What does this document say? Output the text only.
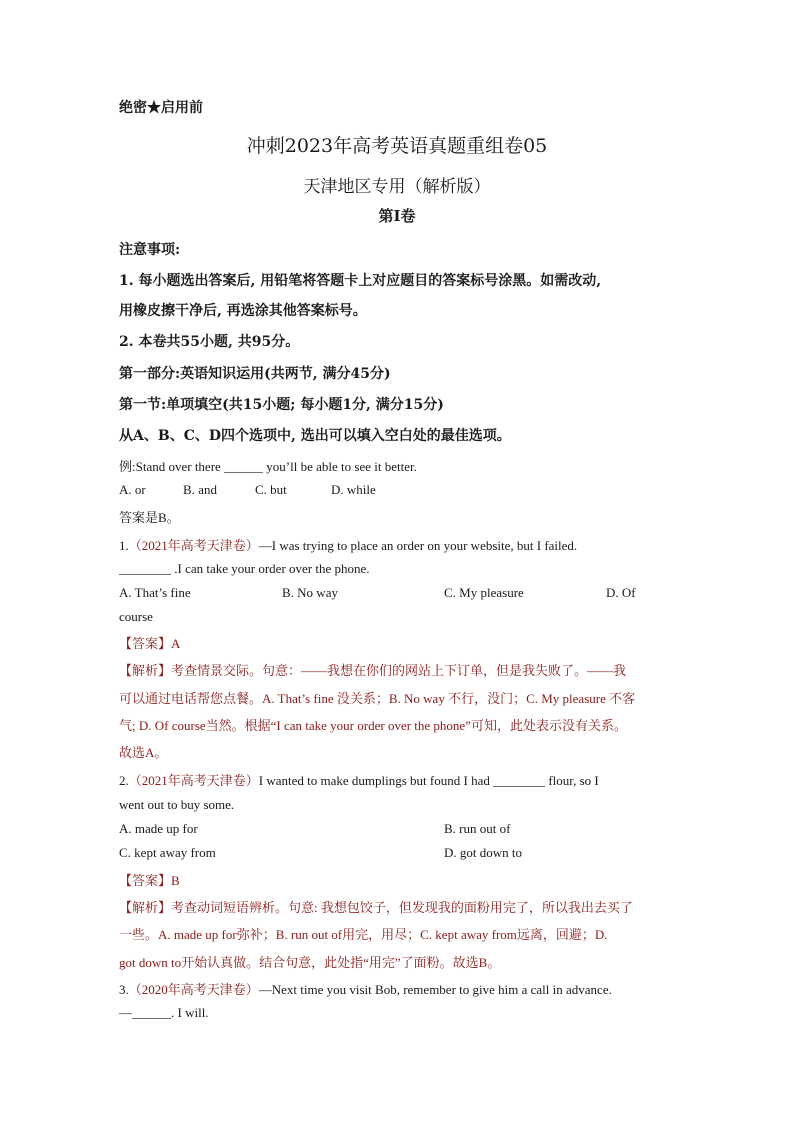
绝密★启用前
冲刺2023年高考英语真题重组卷05
天津地区专用（解析版）
第I卷
注意事项:
1. 每小题选出答案后, 用铅笔将答题卡上对应题目的答案标号涂黑。如需改动,
用橡皮擦干净后, 再选涂其他答案标号。
2. 本卷共55小题, 共95分。
第一部分:英语知识运用(共两节, 满分45分)
第一节:单项填空(共15小题; 每小题1分, 满分15分)
从A、B、C、D四个选项中, 选出可以填入空白处的最佳选项。
例:Stand over there ______ you’ll be able to see it better.
A. or	B. and	C. but	D. while
答案是B。
1.（2021年高考天津卷）—I was trying to place an order on your website, but I failed.
________ .I can take your order over the phone.
A. That’s fine	B. No way	C. My pleasure	D. Of
course
【答案】A
【解析】考查情景交际。句意：——我想在你们的网站上下订单，但是我失败了。——我
可以通过电话帮您点餐。A. That’s fine 没关系；B. No way 不行，没门；C. My pleasure 不客
气; D. Of course当然。根据“I can take your order over the phone”可知，此处表示没有关系。
故选A。
2.（2021年高考天津卷）I wanted to make dumplings but found I had ________ flour, so I
went out to buy some.
A. made up for	B. run out of
C. kept away from	D. got down to
【答案】B
【解析】考查动词短语辨析。句意: 我想包饺子，但发现我的面粉用完了，所以我出去买了
一些。A. made up for弥补；B. run out of用完，用尽；C. kept away from远离，回避；D.
got down to开始认真做。结合句意，此处指“用完”了面粉。故选B。
3.（2020年高考天津卷）—Next time you visit Bob, remember to give him a call in advance.
—______. I will.
